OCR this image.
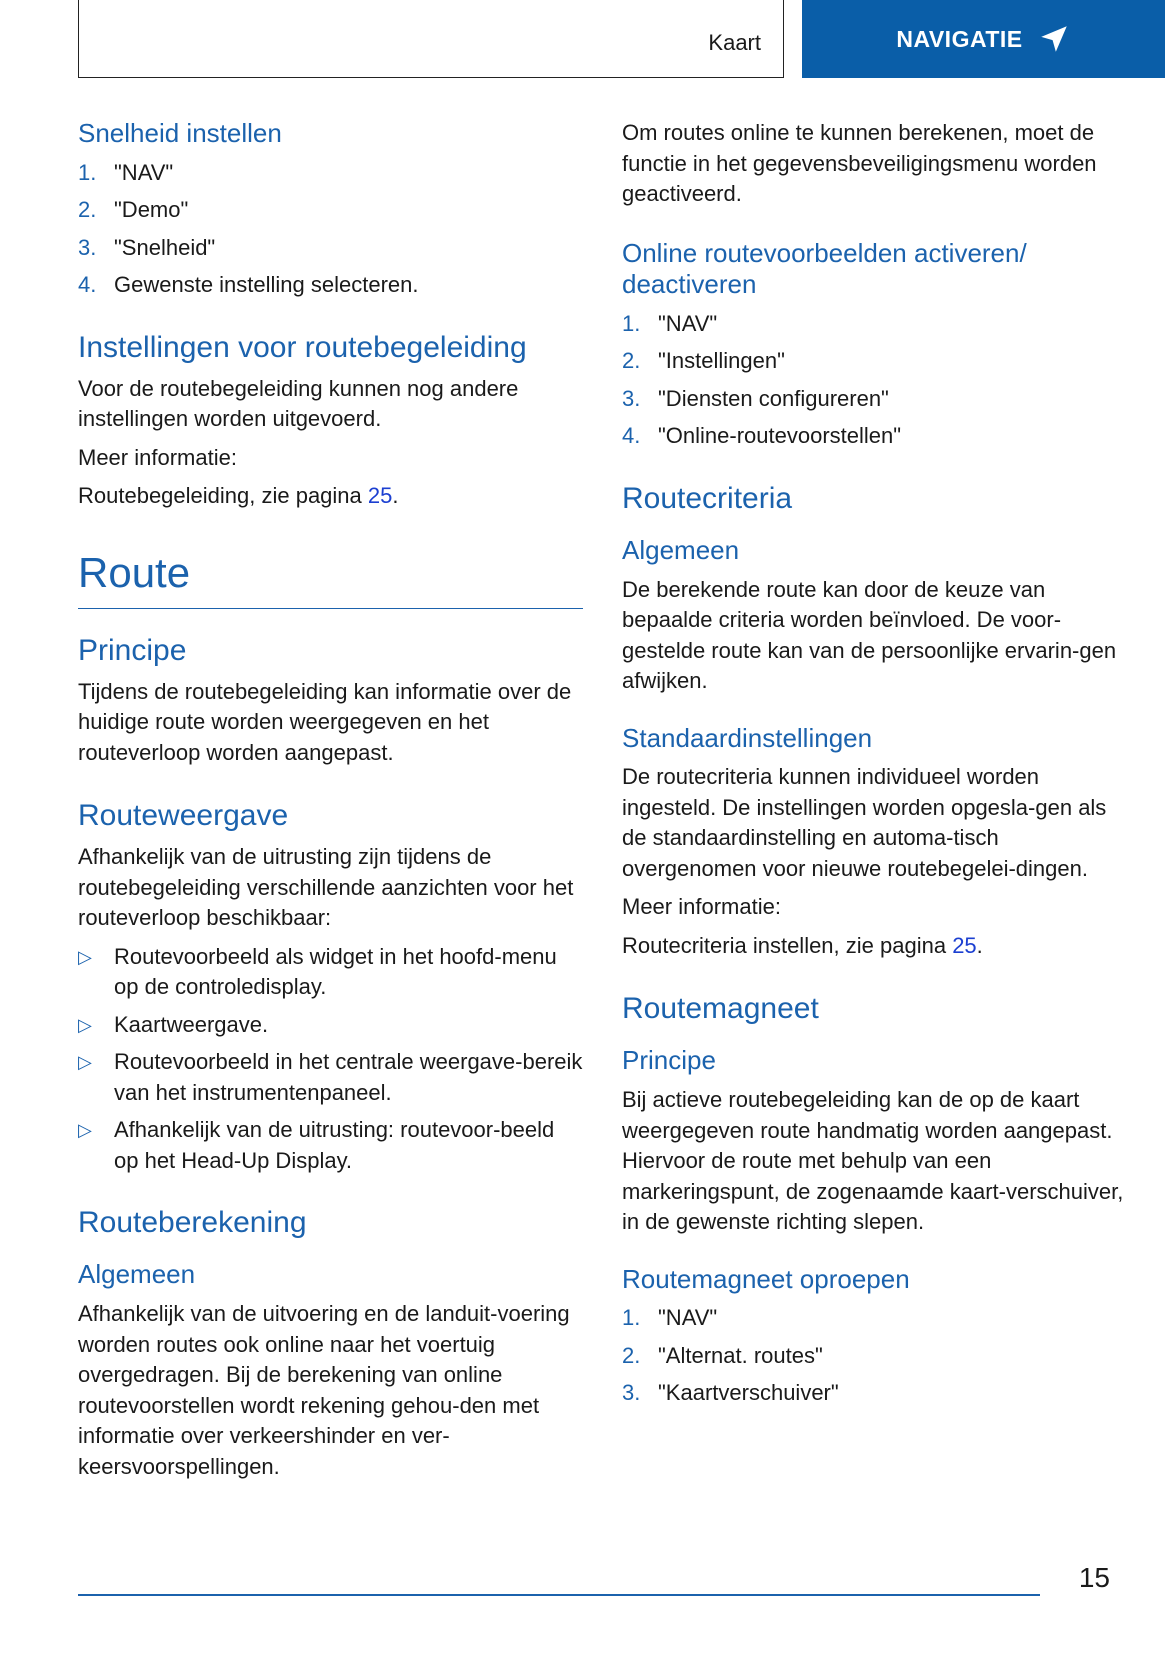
Kaart	NAVIGATIE
Snelheid instellen
1. "NAV"
2. "Demo"
3. "Snelheid"
4. Gewenste instelling selecteren.
Instellingen voor routebegeleiding

Voor de routebegeleiding kunnen nog andere instellingen worden uitgevoerd.

Meer informatie:

Routebegeleiding, zie pagina 25.

Route
Principe

Tijdens de routebegeleiding kan informatie over de huidige route worden weergegeven en het routeverloop worden aangepast.

Routeweergave

Afhankelijk van de uitrusting zijn tijdens de routebegeleiding verschillende aanzichten voor het routeverloop beschikbaar:

▷	Routevoorbeeld als widget in het hoofd-menu op de controledisplay.
▷	Kaartweergave.
▷	Routevoorbeeld in het centrale weergave-bereik van het instrumentenpaneel.
▷	Afhankelijk van de uitrusting: routevoor-beeld op het Head-Up Display.
Routeberekening
Algemeen

Afhankelijk van de uitvoering en de landuit-voering worden routes ook online naar het voertuig overgedragen. Bij de berekening van online routevoorstellen wordt rekening gehou-den met informatie over verkeershinder en ver-keersvoorspellingen.

Om routes online te kunnen berekenen, moet de functie in het gegevensbeveiligingsmenu worden geactiveerd.

Online routevoorbeelden activeren/ deactiveren
1. "NAV"
2. "Instellingen"
3. "Diensten configureren"
4. "Online-routevoorstellen"
Routecriteria
Algemeen

De berekende route kan door de keuze van bepaalde criteria worden beïnvloed. De voor-gestelde route kan van de persoonlijke ervarin-gen afwijken.

Standaardinstellingen

De routecriteria kunnen individueel worden ingesteld. De instellingen worden opgesla-gen als de standaardinstelling en automa-tisch overgenomen voor nieuwe routebegelei-dingen.

Meer informatie:

Routecriteria instellen, zie pagina 25.

Routemagneet
Principe

Bij actieve routebegeleiding kan de op de kaart weergegeven route handmatig worden aangepast. Hiervoor de route met behulp van een markeringspunt, de zogenaamde kaart-verschuiver, in de gewenste richting slepen.

Routemagneet oproepen
1. "NAV"
2. "Alternat. routes"
3. "Kaartverschuiver"
15
